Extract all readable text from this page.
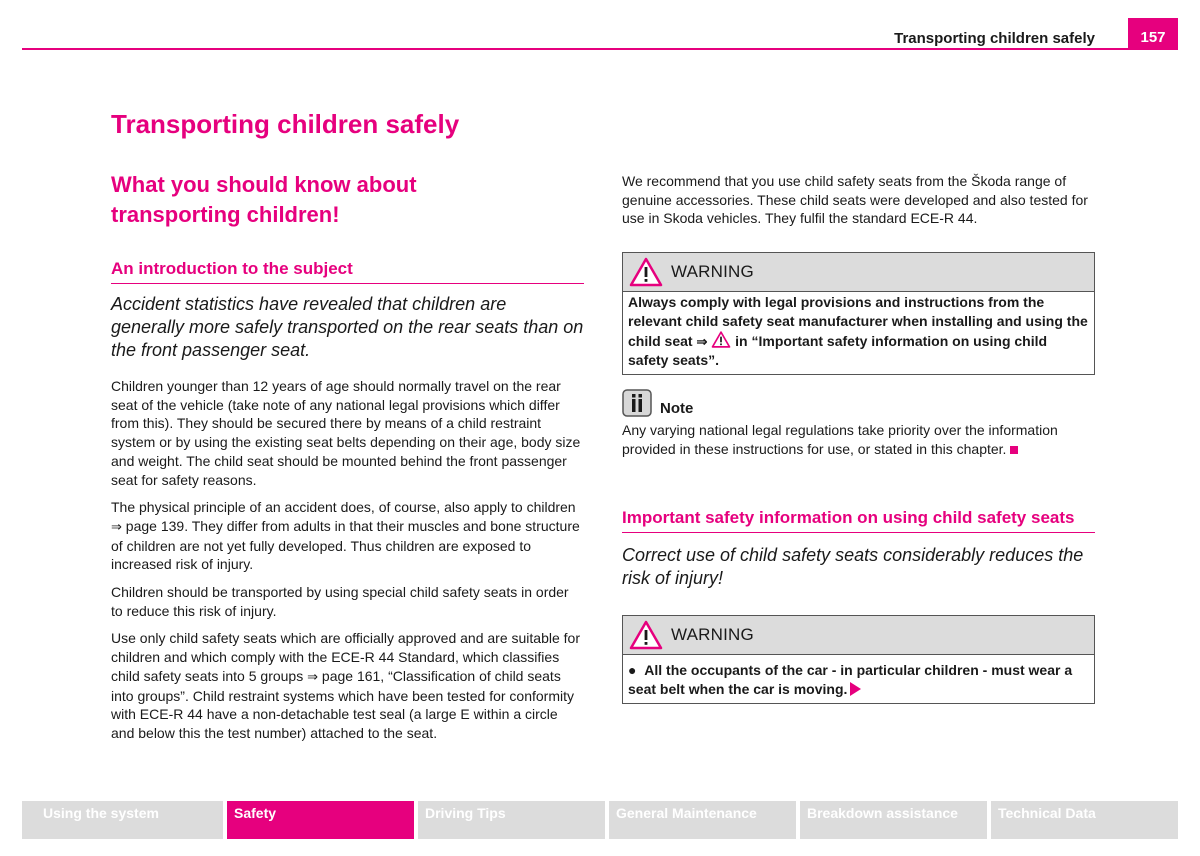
Transporting children safely	157
Transporting children safely
What you should know about transporting children!
An introduction to the subject

Accident statistics have revealed that children are generally more safely transported on the rear seats than on the front passenger seat.

Children younger than 12 years of age should normally travel on the rear seat of the vehicle (take note of any national legal provisions which differ from this). They should be secured there by means of a child restraint system or by using the existing seat belts depending on their age, body size and weight. The child seat should be mounted behind the front passenger seat for safety reasons.

The physical principle of an accident does, of course, also apply to children ⇒ page 139. They differ from adults in that their muscles and bone structure of children are not yet fully developed. Thus children are exposed to increased risk of injury.

Children should be transported by using special child safety seats in order to reduce this risk of injury.

Use only child safety seats which are officially approved and are suitable for children and which comply with the ECE-R 44 Standard, which classifies child safety seats into 5 groups ⇒ page 161, “Classification of child seats into groups”. Child restraint systems which have been tested for conformity with ECE-R 44 have a non-detachable test seal (a large E within a circle and below this the test number) attached to the seat.

We recommend that you use child safety seats from the Škoda range of genuine accessories. These child seats were developed and also tested for use in Skoda vehicles. They fulfil the standard ECE-R 44.

WARNING
Always comply with legal provisions and instructions from the relevant child safety seat manufacturer when installing and using the child seat ⇒  in “Important safety information on using child safety seats”.
Note

Any varying national legal regulations take priority over the information provided in these instructions for use, or stated in this chapter.

Important safety information on using child safety seats

Correct use of child safety seats considerably reduces the risk of injury!

WARNING
●  All the occupants of the car - in particular children - must wear a seat belt when the car is moving.
Using the system	Safety	Driving Tips	General Maintenance	Breakdown assistance	Technical Data
